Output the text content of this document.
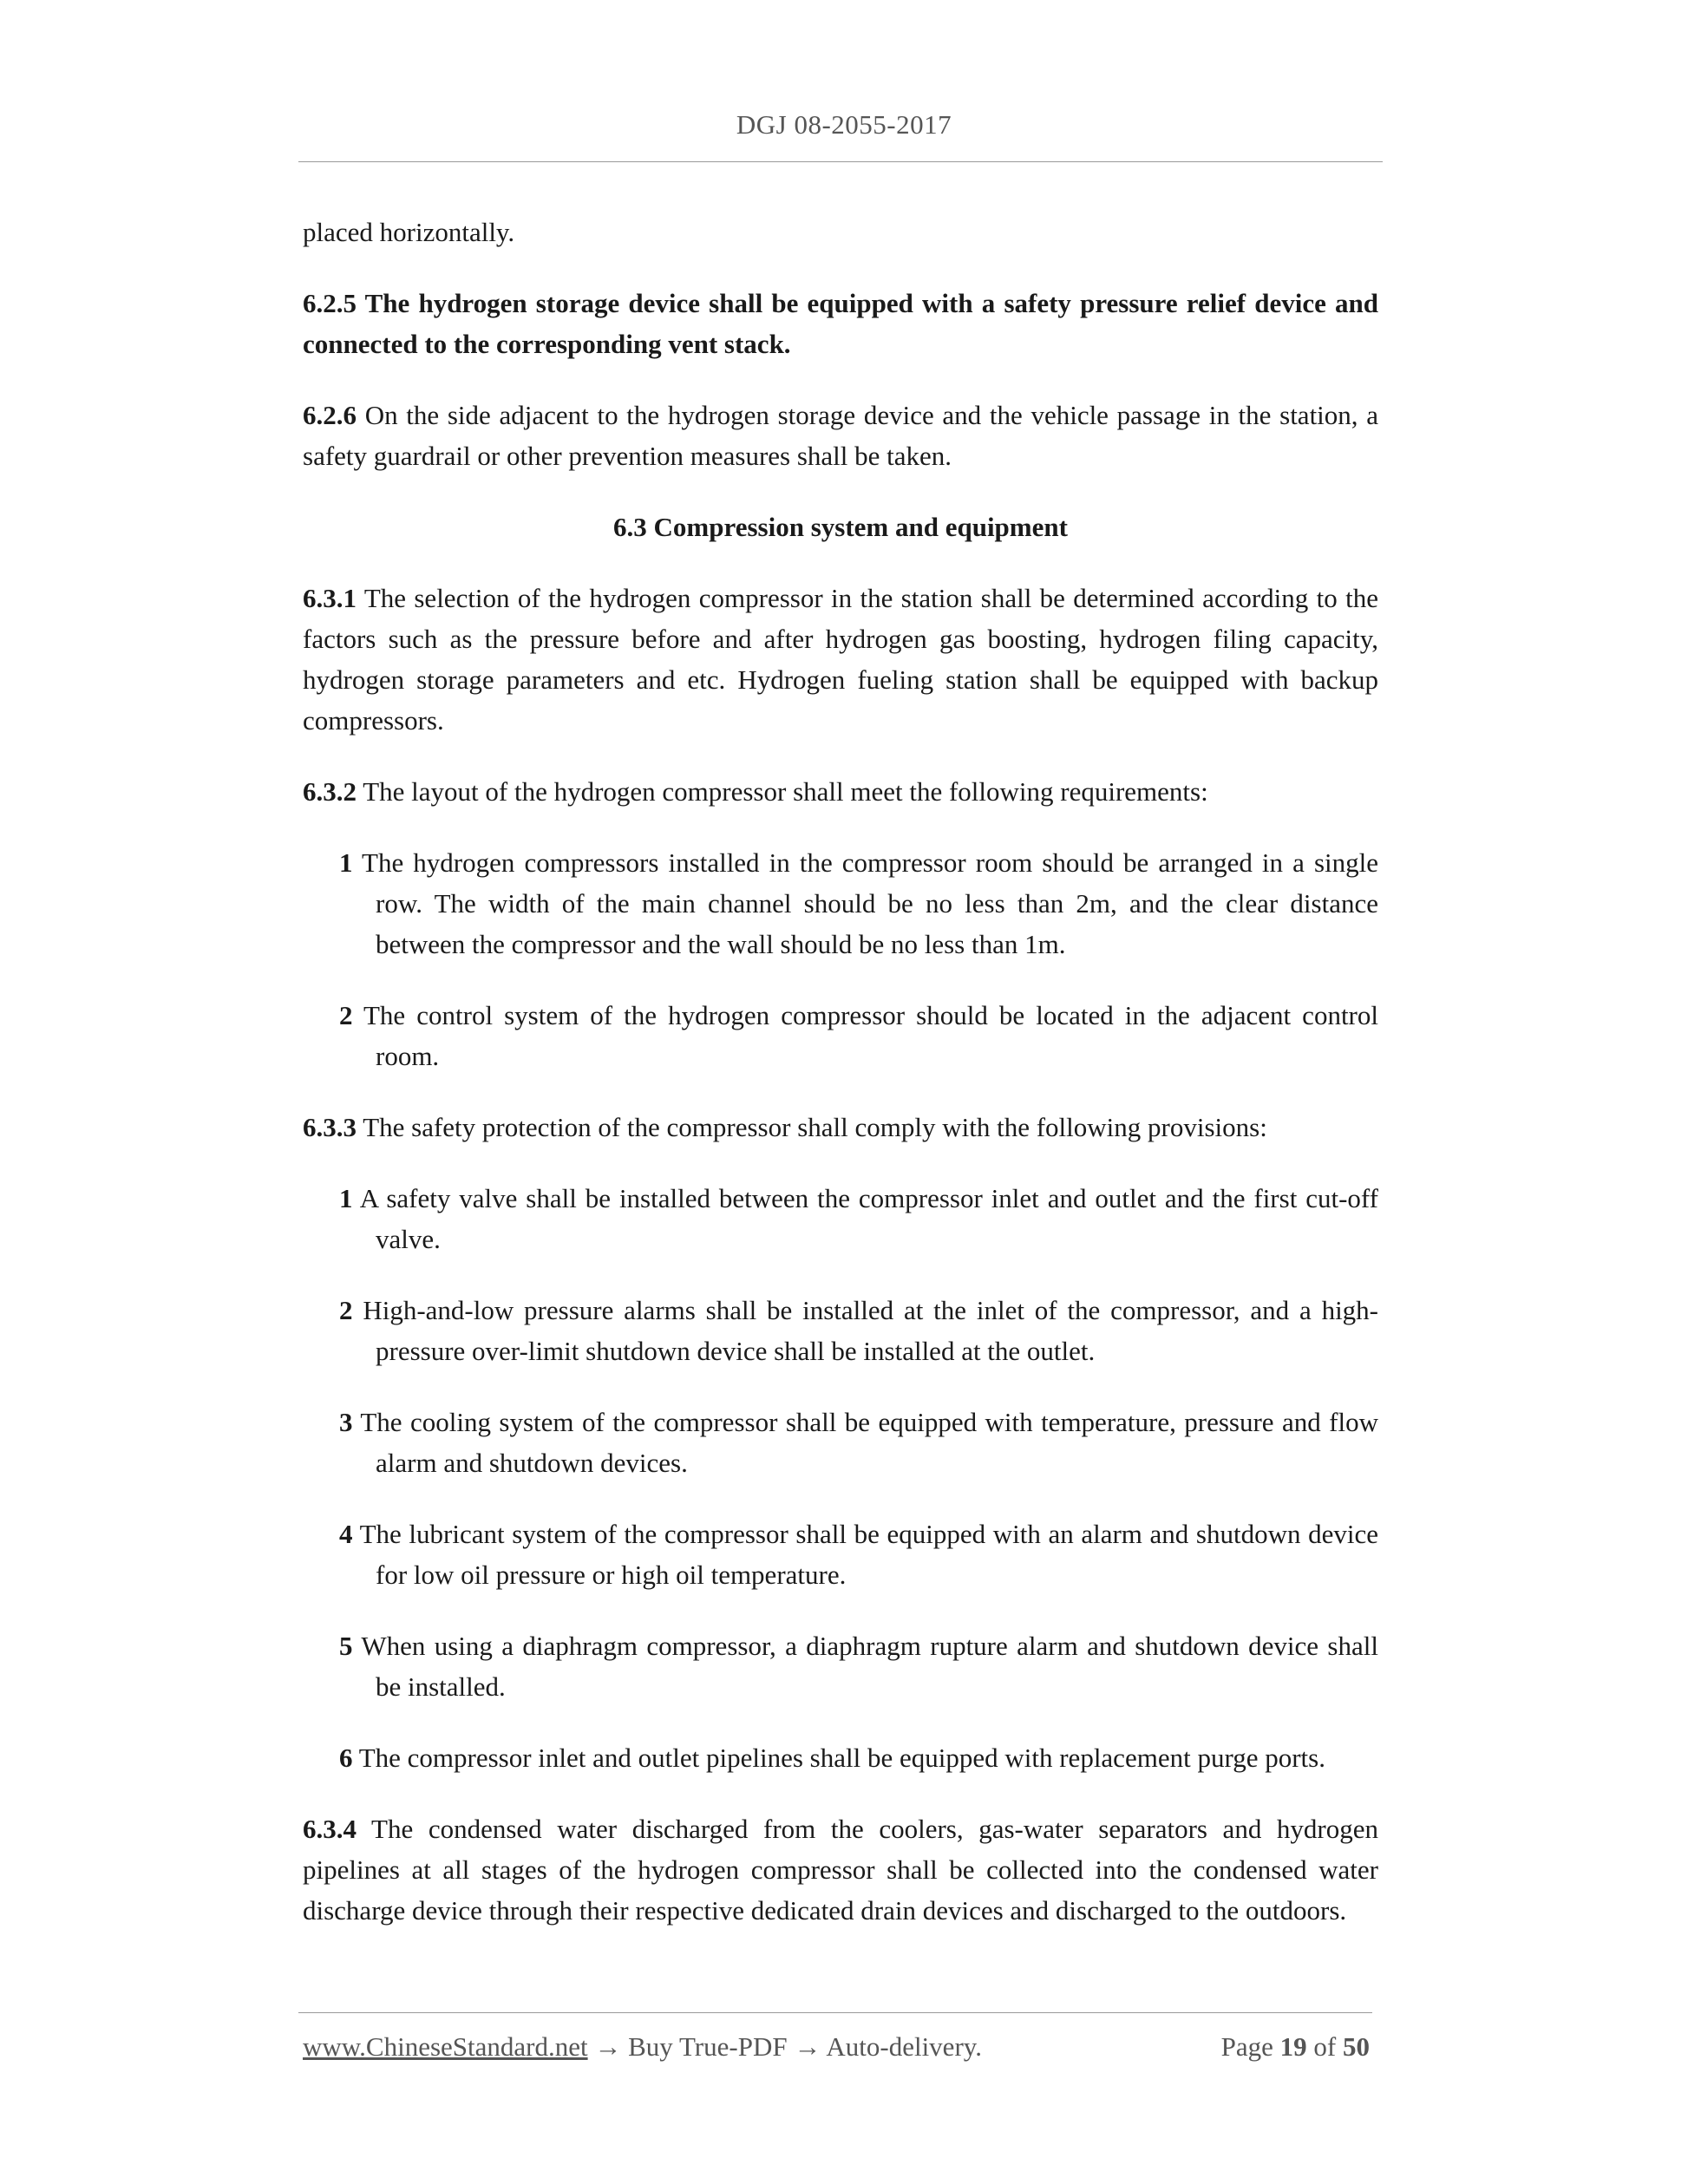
DGJ 08-2055-2017

placed horizontally.

6.2.5 The hydrogen storage device shall be equipped with a safety pressure relief device and connected to the corresponding vent stack.

6.2.6 On the side adjacent to the hydrogen storage device and the vehicle passage in the station, a safety guardrail or other prevention measures shall be taken.

6.3 Compression system and equipment

6.3.1 The selection of the hydrogen compressor in the station shall be determined according to the factors such as the pressure before and after hydrogen gas boosting, hydrogen filing capacity, hydrogen storage parameters and etc. Hydrogen fueling station shall be equipped with backup compressors.

6.3.2 The layout of the hydrogen compressor shall meet the following requirements:

1 The hydrogen compressors installed in the compressor room should be arranged in a single row. The width of the main channel should be no less than 2m, and the clear distance between the compressor and the wall should be no less than 1m.
2 The control system of the hydrogen compressor should be located in the adjacent control room.

6.3.3 The safety protection of the compressor shall comply with the following provisions:

1 A safety valve shall be installed between the compressor inlet and outlet and the first cut-off valve.
2 High-and-low pressure alarms shall be installed at the inlet of the compressor, and a high-pressure over-limit shutdown device shall be installed at the outlet.
3 The cooling system of the compressor shall be equipped with temperature, pressure and flow alarm and shutdown devices.
4 The lubricant system of the compressor shall be equipped with an alarm and shutdown device for low oil pressure or high oil temperature.
5 When using a diaphragm compressor, a diaphragm rupture alarm and shutdown device shall be installed.
6 The compressor inlet and outlet pipelines shall be equipped with replacement purge ports.

6.3.4 The condensed water discharged from the coolers, gas-water separators and hydrogen pipelines at all stages of the hydrogen compressor shall be collected into the condensed water discharge device through their respective dedicated drain devices and discharged to the outdoors.

www.ChineseStandard.net → Buy True-PDF → Auto-delivery.	Page 19 of 50
